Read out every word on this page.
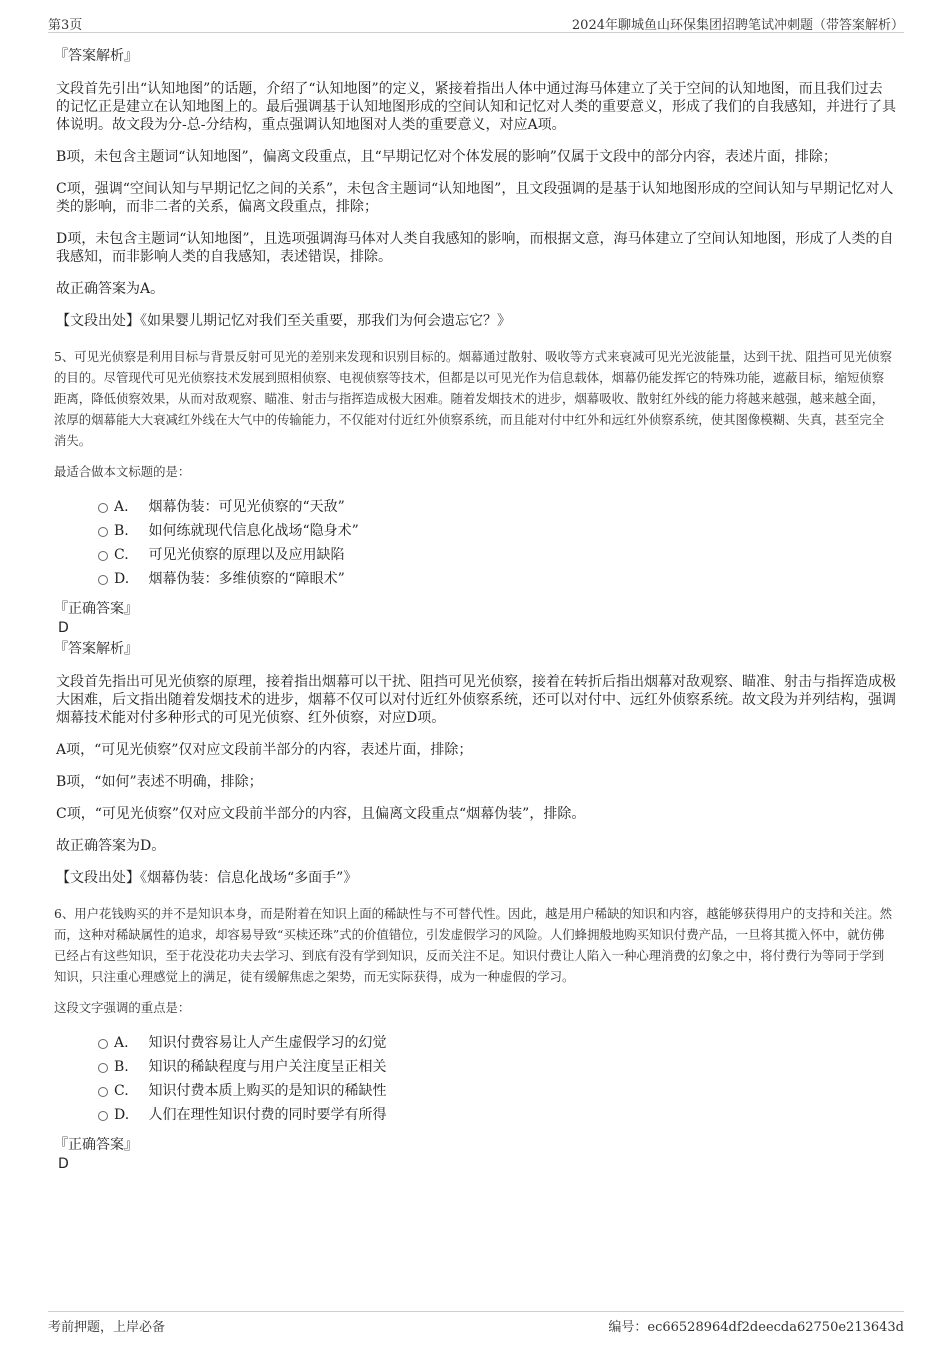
第3页	2024年聊城鱼山环保集团招聘笔试冲刺题（带答案解析）
『答案解析』

文段首先引出“认知地图”的话题，介绍了“认知地图”的定义，紧接着指出人体中通过海马体建立了关于空间的认知地图，而且我们过去的记忆正是建立在认知地图上的。最后强调基于认知地图形成的空间认知和记忆对人类的重要意义，形成了我们的自我感知，并进行了具体说明。故文段为分-总-分结构，重点强调认知地图对人类的重要意义，对应A项。

B项，未包含主题词“认知地图”，偏离文段重点，且“早期记忆对个体发展的影响”仅属于文段中的部分内容，表述片面，排除；

C项，强调“空间认知与早期记忆之间的关系”，未包含主题词“认知地图”，且文段强调的是基于认知地图形成的空间认知与早期记忆对人类的影响，而非二者的关系，偏离文段重点，排除；

D项，未包含主题词“认知地图”，且选项强调海马体对人类自我感知的影响，而根据文意，海马体建立了空间认知地图，形成了人类的自我感知，而非影响人类的自我感知，表述错误，排除。

故正确答案为A。

【文段出处】《如果婴儿期记忆对我们至关重要，那我们为何会遗忘它？》

5、可见光侦察是利用目标与背景反射可见光的差别来发现和识别目标的。烟幕通过散射、吸收等方式来衰减可见光光波能量，达到干扰、阻挡可见光侦察的目的。尽管现代可见光侦察技术发展到照相侦察、电视侦察等技术，但都是以可见光作为信息载体，烟幕仍能发挥它的特殊功能，遮蔽目标，缩短侦察距离，降低侦察效果，从而对敌观察、瞄准、射击与指挥造成极大困难。随着发烟技术的进步，烟幕吸收、散射红外线的能力将越来越强，越来越全面，浓厚的烟幕能大大衰减红外线在大气中的传输能力，不仅能对付近红外侦察系统，而且能对付中红外和远红外侦察系统，使其图像模糊、失真，甚至完全消失。

最适合做本文标题的是：

A. 烟幕伪装：可见光侦察的“天敌”
B. 如何练就现代信息化战场“隐身术”
C. 可见光侦察的原理以及应用缺陷
D. 烟幕伪装：多维侦察的“障眼术”
『正确答案』
D
『答案解析』

文段首先指出可见光侦察的原理，接着指出烟幕可以干扰、阻挡可见光侦察，接着在转折后指出烟幕对敌观察、瞄准、射击与指挥造成极大困难，后文指出随着发烟技术的进步，烟幕不仅可以对付近红外侦察系统，还可以对付中、远红外侦察系统。故文段为并列结构，强调烟幕技术能对付多种形式的可见光侦察、红外侦察，对应D项。

A项，“可见光侦察”仅对应文段前半部分的内容，表述片面，排除；

B项，“如何”表述不明确，排除；

C项，“可见光侦察”仅对应文段前半部分的内容，且偏离文段重点“烟幕伪装”，排除。

故正确答案为D。

【文段出处】《烟幕伪装：信息化战场“多面手”》

6、用户花钱购买的并不是知识本身，而是附着在知识上面的稀缺性与不可替代性。因此，越是用户稀缺的知识和内容，越能够获得用户的支持和关注。然而，这种对稀缺属性的追求，却容易导致“买椟还珠”式的价值错位，引发虚假学习的风险。人们蜂拥般地购买知识付费产品，一旦将其揽入怀中，就仿佛已经占有这些知识，至于花没花功夫去学习、到底有没有学到知识，反而关注不足。知识付费让人陷入一种心理消费的幻象之中，将付费行为等同于学到知识，只注重心理感觉上的满足，徒有缓解焦虑之架势，而无实际获得，成为一种虚假的学习。

这段文字强调的重点是：

A. 知识付费容易让人产生虚假学习的幻觉
B. 知识的稀缺程度与用户关注度呈正相关
C. 知识付费本质上购买的是知识的稀缺性
D. 人们在理性知识付费的同时要学有所得
『正确答案』
D
考前押题，上岸必备	编号：ec66528964df2deecda62750e213643d
